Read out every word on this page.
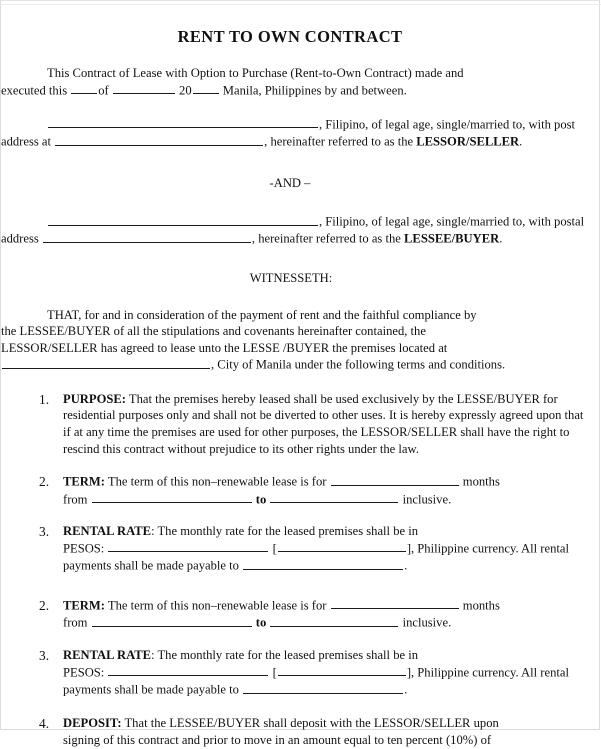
RENT TO OWN CONTRACT
This Contract of Lease with Option to Purchase (Rent-to-Own Contract) made and
executed this of	20 Manila, Philippines by and between.
, Filipino, of legal age, single/married to, with post
address at	, hereinafter referred to as the LESSOR/SELLER.
-AND –
, Filipino, of legal age, single/married to, with postal
address	, hereinafter referred to as the LESSEE/BUYER.
WITNESSETH:
THAT, for and in consideration of the payment of rent and the faithful compliance by
the LESSEE/BUYER of all the stipulations and covenants hereinafter contained, the
LESSOR/SELLER has agreed to lease unto the LESSE /BUYER the premises located at
, City of Manila under the following terms and conditions.
1.	PURPOSE: That the premises hereby leased shall be used exclusively by the LESSE/BUYER for residential purposes only and shall not be diverted to other uses. It is hereby expressly agreed upon that if at any time the premises are used for other purposes, the LESSOR/SELLER shall have the right to rescind this contract without prejudice to its other rights under the law.
2.	TERM: The term of this non–renewable lease is for	months
from	to	inclusive.
3.	RENTAL RATE: The monthly rate for the leased premises shall be in
PESOS:	[	], Philippine currency. All rental
payments shall be made payable to	.
2.	TERM: The term of this non–renewable lease is for	months
from	to	inclusive.
3.	RENTAL RATE: The monthly rate for the leased premises shall be in
PESOS:	[	], Philippine currency. All rental
payments shall be made payable to	.
4.	DEPOSIT: That the LESSEE/BUYER shall deposit with the LESSOR/SELLER upon
signing of this contract and prior to move in an amount equal to ten percent (10%) of
